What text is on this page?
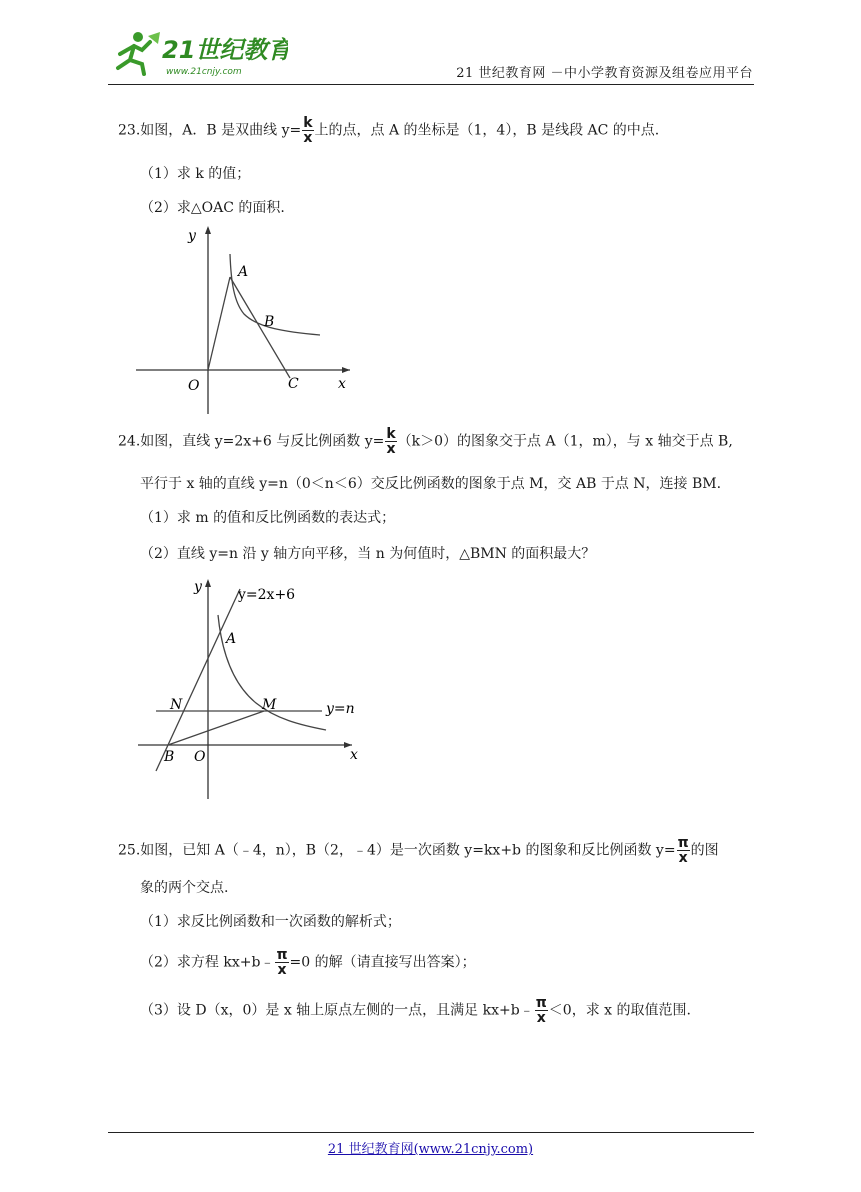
21世纪教育
www.21cnjy.com	21 世纪教育网 －中小学教育资源及组卷应用平台
23.如图，A．B 是双曲线 $y= \frac{k}{x}$ 上的点，点 A 的坐标是（1，4），B 是线段 AC 的中点.
（1）求 k 的值；
（2）求△OAC 的面积.
y
A
B
O	C	x
24.如图，直线 y=2x+6 与反比例函数 $y= \frac{k}{x} (k>0)$的图象交于点 A（1，m），与 x 轴交于点 B,
平行于 x 轴的直线 y=n（0＜n＜6）交反比例函数的图象于点 M，交 AB 于点 N，连接 BM.
（1）求 m 的值和反比例函数的表达式；
（2）直线 y=n 沿 y 轴方向平移，当 n 为何值时，△BMN 的面积最大？
y	y=2x+6
A
N	M	y=n
B O	x
25.如图，已知 A（﹣4，n），B（2，﹣4）是一次函数 y=kx+b 的图象和反比例函数 $y= \frac{\pi}{x}$ 的图
象的两个交点.
（1）求反比例函数和一次函数的解析式；
（2）求方程 kx+b﹣ $\frac{\pi}{x} =0$ 的解（请直接写出答案）；
（3）设 D（x，0）是 x 轴上原点左侧的一点，且满足 kx+b﹣ $\frac{\pi}{x} <0$，求 x 的取值范围.
21 世纪教育网(www.21cnjy.com)
